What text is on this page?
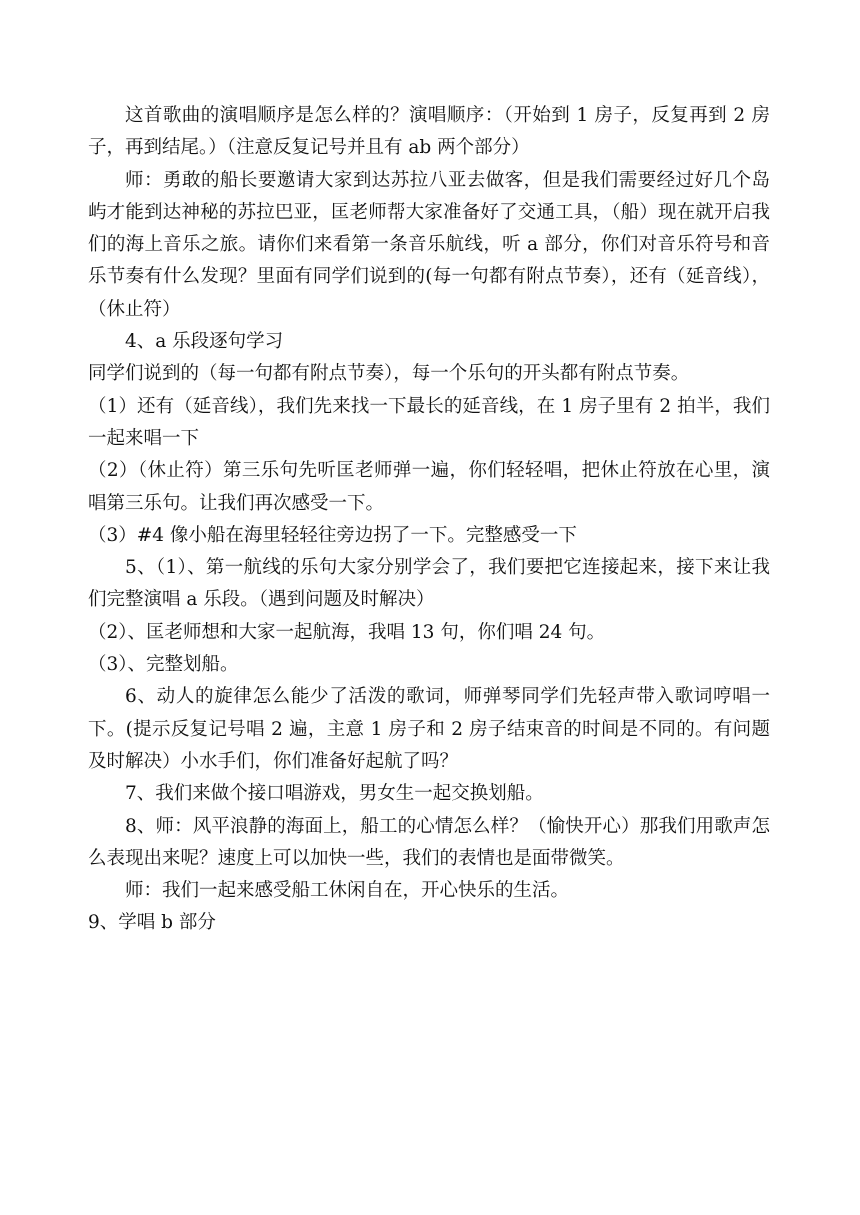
这首歌曲的演唱顺序是怎么样的？演唱顺序：（开始到 1 房子，反复再到 2 房子，再到结尾。）（注意反复记号并且有 ab 两个部分）

师：勇敢的船长要邀请大家到达苏拉八亚去做客，但是我们需要经过好几个岛屿才能到达神秘的苏拉巴亚，匡老师帮大家准备好了交通工具，（船）现在就开启我们的海上音乐之旅。请你们来看第一条音乐航线，听 a 部分，你们对音乐符号和音乐节奏有什么发现？里面有同学们说到的(每一句都有附点节奏），还有（延音线），（休止符）

4、a 乐段逐句学习

同学们说到的（每一句都有附点节奏），每一个乐句的开头都有附点节奏。

（1）还有（延音线），我们先来找一下最长的延音线，在 1 房子里有 2 拍半，我们一起来唱一下

（2）（休止符）第三乐句先听匡老师弹一遍，你们轻轻唱，把休止符放在心里，演唱第三乐句。让我们再次感受一下。

（3）#4 像小船在海里轻轻往旁边拐了一下。完整感受一下

5、（1）、第一航线的乐句大家分别学会了，我们要把它连接起来，接下来让我们完整演唱 a 乐段。（遇到问题及时解决）

（2）、匡老师想和大家一起航海，我唱 13 句，你们唱 24 句。

（3）、完整划船。

6、动人的旋律怎么能少了活泼的歌词，师弹琴同学们先轻声带入歌词哼唱一下。(提示反复记号唱 2 遍，主意 1 房子和 2 房子结束音的时间是不同的。有问题及时解决）小水手们，你们准备好起航了吗？

7、我们来做个接口唱游戏，男女生一起交换划船。

8、师：风平浪静的海面上，船工的心情怎么样？（愉快开心）那我们用歌声怎么表现出来呢？速度上可以加快一些，我们的表情也是面带微笑。

师：我们一起来感受船工休闲自在，开心快乐的生活。

9、学唱 b 部分
